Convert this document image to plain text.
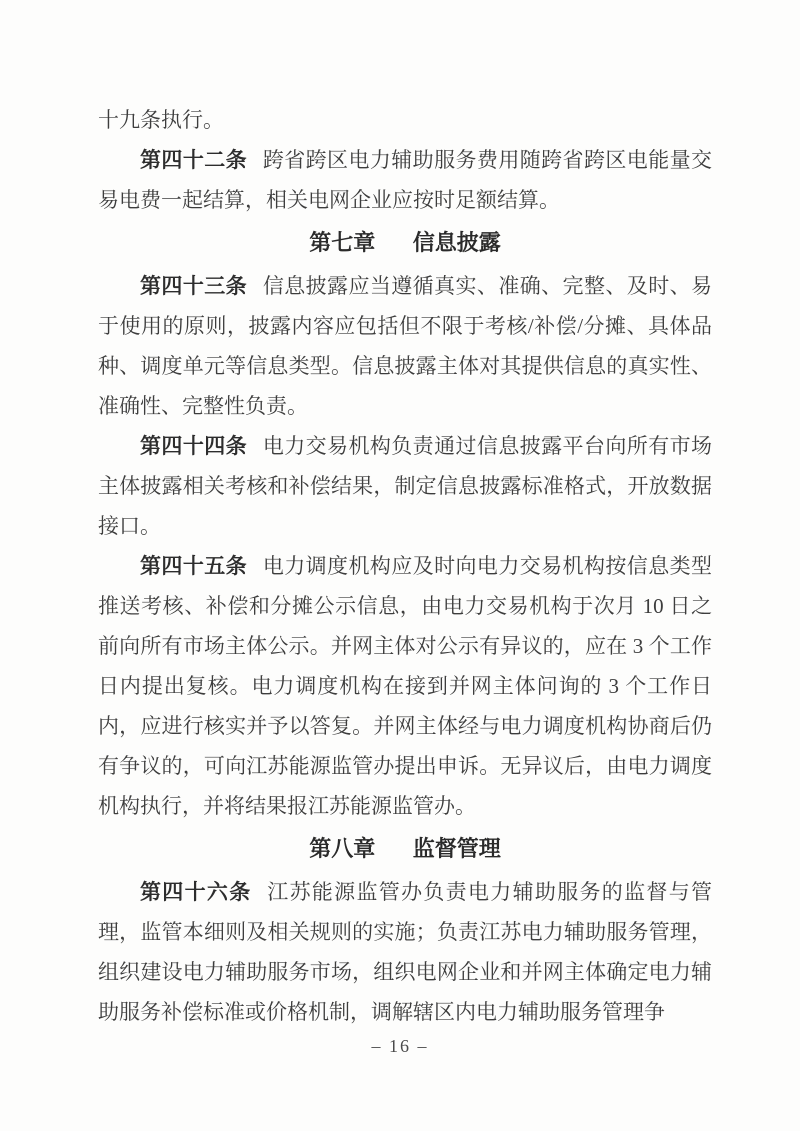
十九条执行。

第四十二条 跨省跨区电力辅助服务费用随跨省跨区电能量交易电费一起结算，相关电网企业应按时足额结算。

第七章 信息披露

第四十三条 信息披露应当遵循真实、准确、完整、及时、易于使用的原则，披露内容应包括但不限于考核/补偿/分摊、具体品种、调度单元等信息类型。信息披露主体对其提供信息的真实性、准确性、完整性负责。

第四十四条 电力交易机构负责通过信息披露平台向所有市场主体披露相关考核和补偿结果，制定信息披露标准格式，开放数据接口。

第四十五条 电力调度机构应及时向电力交易机构按信息类型推送考核、补偿和分摊公示信息，由电力交易机构于次月 10 日之前向所有市场主体公示。并网主体对公示有异议的，应在 3 个工作日内提出复核。电力调度机构在接到并网主体问询的 3 个工作日内，应进行核实并予以答复。并网主体经与电力调度机构协商后仍有争议的，可向江苏能源监管办提出申诉。无异议后，由电力调度机构执行，并将结果报江苏能源监管办。

第八章 监督管理

第四十六条 江苏能源监管办负责电力辅助服务的监督与管理，监管本细则及相关规则的实施；负责江苏电力辅助服务管理，组织建设电力辅助服务市场，组织电网企业和并网主体确定电力辅助服务补偿标准或价格机制，调解辖区内电力辅助服务管理争

– 16 –
